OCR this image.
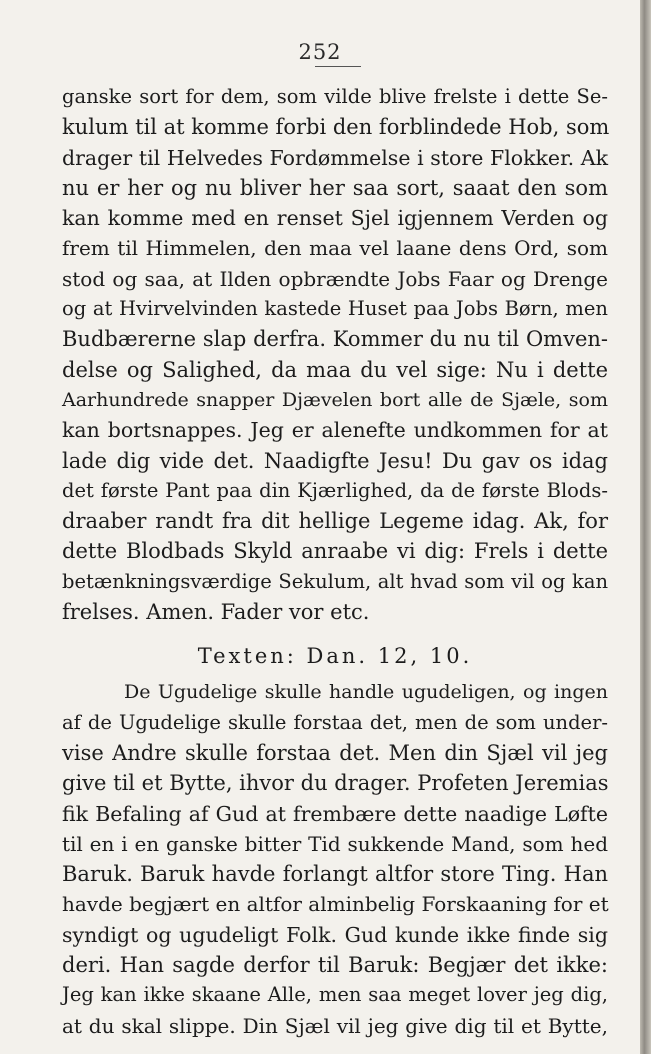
252
ganske sort for dem, som vilde blive frelste i dette Se-
kulum til at komme forbi den forblindede Hob, som
drager til Helvedes Fordømmelse i store Flokker. Ak
nu er her og nu bliver her saa sort, saaat den som
kan komme med en renset Sjel igjennem Verden og
frem til Himmelen, den maa vel laane dens Ord, som
stod og saa, at Ilden opbrændte Jobs Faar og Drenge
og at Hvirvelvinden kastede Huset paa Jobs Børn, men
Budbærerne slap derfra. Kommer du nu til Omven-
delse og Salighed, da maa du vel sige: Nu i dette
Aarhundrede snapper Djævelen bort alle de Sjæle, som
kan bortsnappes. Jeg er alenefte undkommen for at
lade dig vide det. Naadigfte Jesu! Du gav os idag
det første Pant paa din Kjærlighed, da de første Blods-
draaber randt fra dit hellige Legeme idag. Ak, for
dette Blodbads Skyld anraabe vi dig: Frels i dette
betænkningsværdige Sekulum, alt hvad som vil og kan
frelses. Amen. Fader vor etc.
Texten: Dan. 12, 10.
De Ugudelige skulle handle ugudeligen, og ingen
af de Ugudelige skulle forstaa det, men de som under-
vise Andre skulle forstaa det. Men din Sjæl vil jeg
give til et Bytte, ihvor du drager. Profeten Jeremias
fik Befaling af Gud at frembære dette naadige Løfte
til en i en ganske bitter Tid sukkende Mand, som hed
Baruk. Baruk havde forlangt altfor store Ting. Han
havde begjært en altfor alminbelig Forskaaning for et
syndigt og ugudeligt Folk. Gud kunde ikke finde sig
deri. Han sagde derfor til Baruk: Begjær det ikke:
Jeg kan ikke skaane Alle, men saa meget lover jeg dig,
at du skal slippe. Din Sjæl vil jeg give dig til et Bytte,
